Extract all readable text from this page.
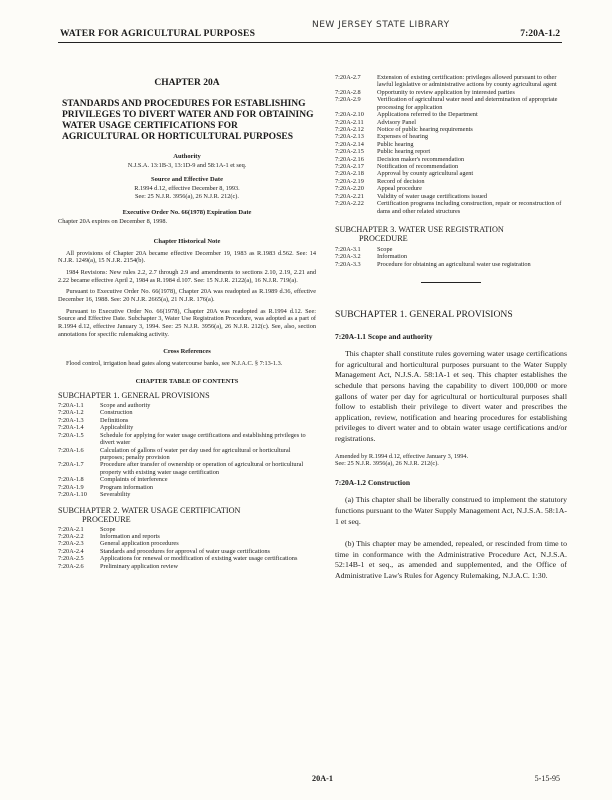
WATER FOR AGRICULTURAL PURPOSES
NEW JERSEY STATE LIBRARY
7:20A-1.2
CHAPTER 20A
STANDARDS AND PROCEDURES FOR ESTABLISHING PRIVILEGES TO DIVERT WATER AND FOR OBTAINING WATER USAGE CERTIFICATIONS FOR AGRICULTURAL OR HORTICULTURAL PURPOSES
Authority

N.J.S.A. 13:1B-3, 13:1D-9 and 58:1A-1 et seq.

Source and Effective Date

R.1994 d.12, effective December 8, 1993.

See: 25 N.J.R. 3956(a), 26 N.J.R. 212(c).

Executive Order No. 66(1978) Expiration Date

Chapter 20A expires on December 8, 1998.

Chapter Historical Note

All provisions of Chapter 20A became effective December 19, 1983 as R.1983 d.562. See: 14 N.J.R. 1249(a), 15 N.J.R. 2154(b).

1984 Revisions: New rules 2.2, 2.7 through 2.9 and amendments to sections 2.10, 2.19, 2.21 and 2.22 became effective April 2, 1984 as R.1984 d.107. See: 15 N.J.R. 2122(a), 16 N.J.R. 719(a).

Pursuant to Executive Order No. 66(1978), Chapter 20A was readopted as R.1989 d.36, effective December 16, 1988. See: 20 N.J.R. 2665(a), 21 N.J.R. 176(a).

Pursuant to Executive Order No. 66(1978), Chapter 20A was readopted as R.1994 d.12. See: Source and Effective Date. Subchapter 3, Water Use Registration Procedure, was adopted as a part of R.1994 d.12, effective January 3, 1994. See: 25 N.J.R. 3956(a), 26 N.J.R. 212(c). See, also, section annotations for specific rulemaking activity.

Cross References

Flood control, irrigation head gates along watercourse banks, see N.J.A.C. § 7:13-1.3.

CHAPTER TABLE OF CONTENTS
SUBCHAPTER 1. GENERAL PROVISIONS
7:20A-1.1	Scope and authority
7:20A-1.2	Construction
7:20A-1.3	Definitions
7:20A-1.4	Applicability
7:20A-1.5	Schedule for applying for water usage certifications and establishing privileges to divert water
7:20A-1.6	Calculation of gallons of water per day used for agricultural or horticultural purposes; penalty provision
7:20A-1.7	Procedure after transfer of ownership or operation of agricultural or horticultural property with existing water usage certification
7:20A-1.8	Complaints of interference
7:20A-1.9	Program information
7:20A-1.10	Severability
SUBCHAPTER 2. WATER USAGE CERTIFICATION
PROCEDURE
7:20A-2.1	Scope
7:20A-2.2	Information and reports
7:20A-2.3	General application procedures
7:20A-2.4	Standards and procedures for approval of water usage certifications
7:20A-2.5	Applications for renewal or modification of existing water usage certifications
7:20A-2.6	Preliminary application review
7:20A-2.7	Extension of existing certification: privileges allowed pursuant to other lawful legislative or administrative actions by county agricultural agent
7:20A-2.8	Opportunity to review application by interested parties
7:20A-2.9	Verification of agricultural water need and determination of appropriate processing for application
7:20A-2.10	Applications referred to the Department
7:20A-2.11	Advisory Panel
7:20A-2.12	Notice of public hearing requirements
7:20A-2.13	Expenses of hearing
7:20A-2.14	Public hearing
7:20A-2.15	Public hearing report
7:20A-2.16	Decision maker's recommendation
7:20A-2.17	Notification of recommendation
7:20A-2.18	Approval by county agricultural agent
7:20A-2.19	Record of decision
7:20A-2.20	Appeal procedure
7:20A-2.21	Validity of water usage certifications issued
7:20A-2.22	Certification programs including construction, repair or reconstruction of dams and other related structures
SUBCHAPTER 3. WATER USE REGISTRATION
PROCEDURE
7:20A-3.1	Scope
7:20A-3.2	Information
7:20A-3.3	Procedure for obtaining an agricultural water use registration
SUBCHAPTER 1. GENERAL PROVISIONS
7:20A-1.1 Scope and authority

This chapter shall constitute rules governing water usage certifications for agricultural and horticultural purposes pursuant to the Water Supply Management Act, N.J.S.A. 58:1A-1 et seq. This chapter establishes the schedule that persons having the capability to divert 100,000 or more gallons of water per day for agricultural or horticultural purposes shall follow to establish their privilege to divert water and prescribes the application, review, notification and hearing procedures for establishing privileges to divert water and to obtain water usage certifications and/or registrations.

Amended by R.1994 d.12, effective January 3, 1994.
See: 25 N.J.R. 3956(a), 26 N.J.R. 212(c).
7:20A-1.2 Construction

(a) This chapter shall be liberally construed to implement the statutory functions pursuant to the Water Supply Management Act, N.J.S.A. 58:1A-1 et seq.

(b) This chapter may be amended, repealed, or rescinded from time to time in conformance with the Administrative Procedure Act, N.J.S.A. 52:14B-1 et seq., as amended and supplemented, and the Office of Administrative Law's Rules for Agency Rulemaking, N.J.A.C. 1:30.

20A-1	5-15-95
